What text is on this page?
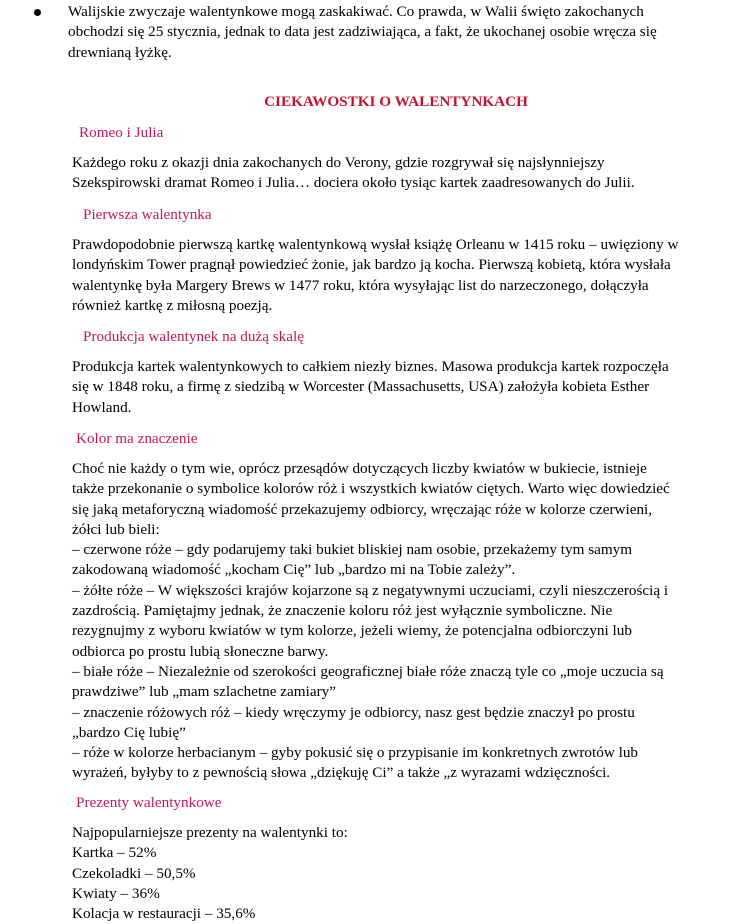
Walijskie zwyczaje walentynkowe mogą zaskakiwać. Co prawda, w Walii święto zakochanych
obchodzi się 25 stycznia, jednak to data jest zadziwiająca, a fakt, że ukochanej osobie wręcza się
drewnianą łyżkę.
CIEKAWOSTKI O WALENTYNKACH
Romeo i Julia
Każdego roku z okazji dnia zakochanych do Verony, gdzie rozgrywał się najsłynniejszy
Szekspirowski dramat Romeo i Julia… dociera około tysiąc kartek zaadresowanych do Julii.
Pierwsza walentynka
Prawdopodobnie pierwszą kartkę walentynkową wysłał książę Orleanu w 1415 roku – uwięziony w
londyńskim Tower pragnął powiedzieć żonie, jak bardzo ją kocha. Pierwszą kobietą, która wysłała
walentynkę była Margery Brews w 1477 roku, która wysyłając list do narzeczonego, dołączyła
również kartkę z miłosną poezją.
Produkcja walentynek na dużą skalę
Produkcja kartek walentynkowych to całkiem niezły biznes. Masowa produkcja kartek rozpoczęła
się w 1848 roku, a firmę z siedzibą w Worcester (Massachusetts, USA) założyła kobieta Esther
Howland.
Kolor ma znaczenie
Choć nie każdy o tym wie, oprócz przesądów dotyczących liczby kwiatów w bukiecie, istnieje
także przekonanie o symbolice kolorów róż i wszystkich kwiatów ciętych. Warto więc dowiedzieć
się jaką metaforyczną wiadomość przekazujemy odbiorcy, wręczając róże w kolorze czerwieni,
żółci lub bieli:
– czerwone róże – gdy podarujemy taki bukiet bliskiej nam osobie, przekażemy tym samym
zakodowaną wiadomość „kocham Cię” lub „bardzo mi na Tobie zależy”.
– żółte róże – W większości krajów kojarzone są z negatywnymi uczuciami, czyli nieszczerością i
zazdrością. Pamiętajmy jednak, że znaczenie koloru róż jest wyłącznie symboliczne. Nie
rezygnujmy z wyboru kwiatów w tym kolorze, jeżeli wiemy, że potencjalna odbiorczyni lub
odbiorca po prostu lubią słoneczne barwy.
– białe róże – Niezależnie od szerokości geograficznej białe róże znaczą tyle co „moje uczucia są
prawdziwe” lub „mam szlachetne zamiary”
– znaczenie różowych róż – kiedy wręczymy je odbiorcy, nasz gest będzie znaczył po prostu
„bardzo Cię lubię”
– róże w kolorze herbacianym – gyby pokusić się o przypisanie im konkretnych zwrotów lub
wyrażeń, byłyby to z pewnością słowa „dziękuję Ci” a także „z wyrazami wdzięczności.
Prezenty walentynkowe
Najpopularniejsze prezenty na walentynki to:
Kartka – 52%
Czekoladki – 50,5%
Kwiaty – 36%
Kolacja w restauracji – 35,6%
